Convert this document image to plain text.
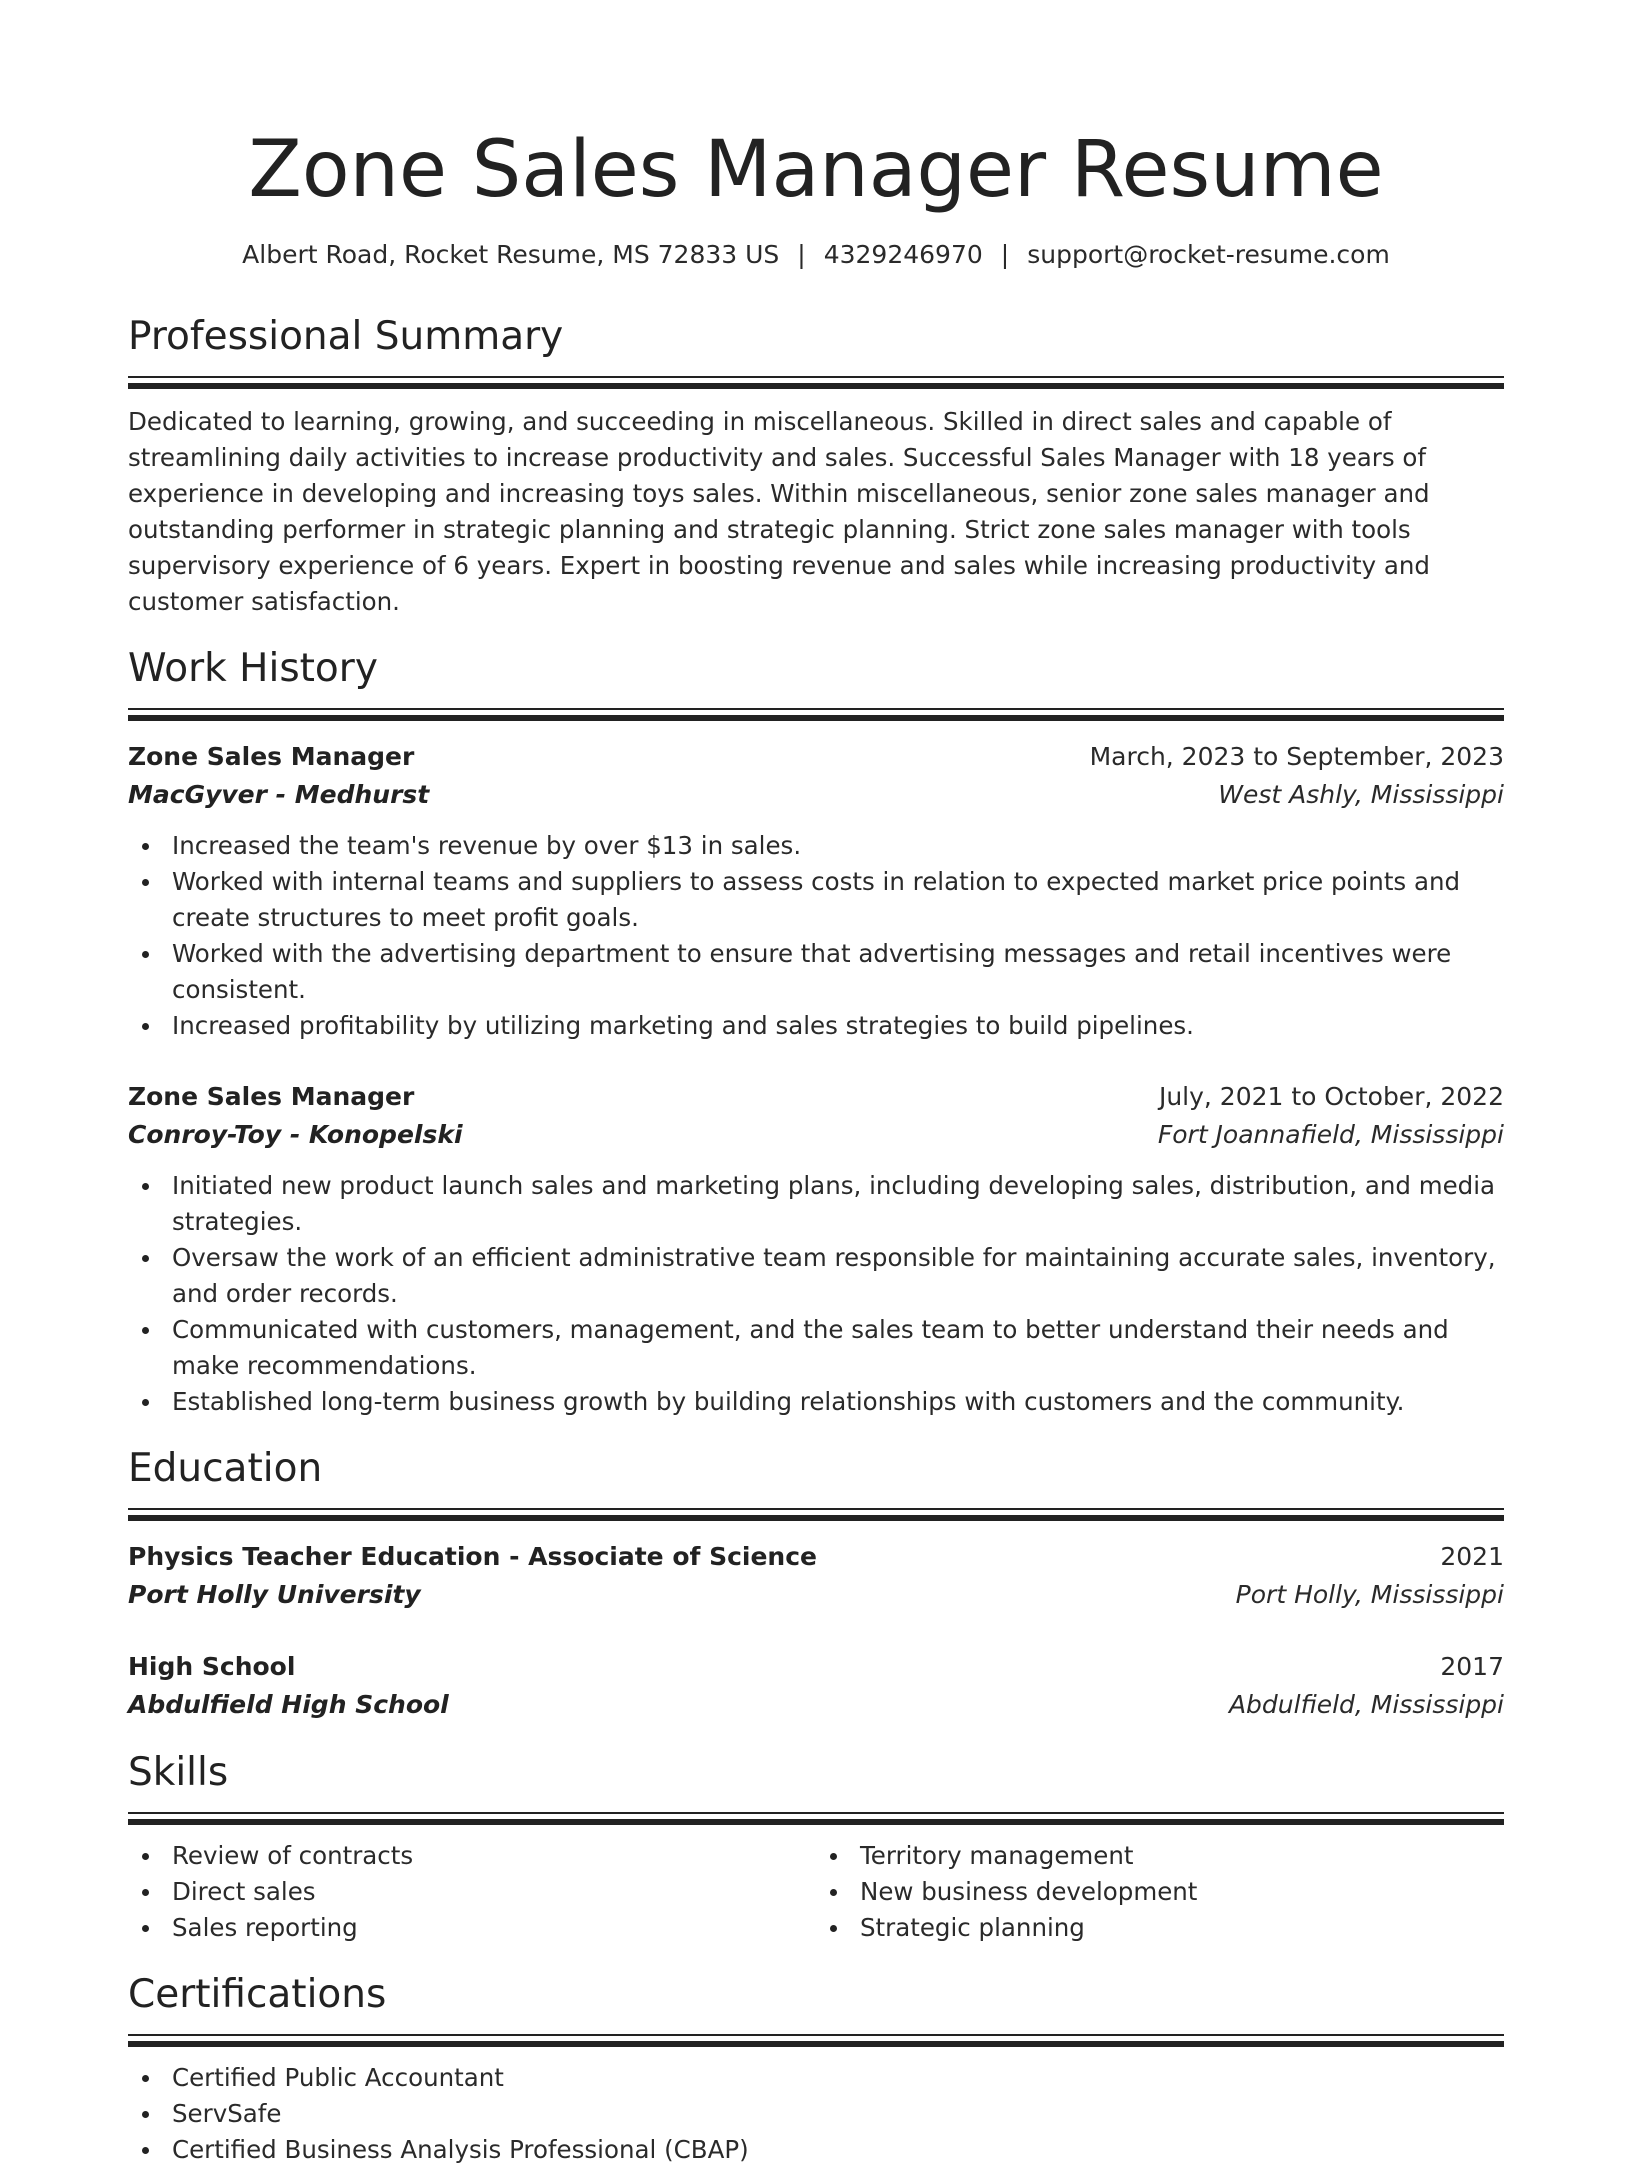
Zone Sales Manager Resume
Albert Road, Rocket Resume, MS 72833 US | 4329246970 | support@rocket-resume.com
Professional Summary
Dedicated to learning, growing, and succeeding in miscellaneous. Skilled in direct sales and capable of streamlining daily activities to increase productivity and sales. Successful Sales Manager with 18 years of experience in developing and increasing toys sales. Within miscellaneous, senior zone sales manager and outstanding performer in strategic planning and strategic planning. Strict zone sales manager with tools supervisory experience of 6 years. Expert in boosting revenue and sales while increasing productivity and customer satisfaction.
Work History
Zone Sales Manager	March, 2023 to September, 2023
MacGyver - Medhurst	West Ashly, Mississippi
Increased the team's revenue by over $13 in sales.
Worked with internal teams and suppliers to assess costs in relation to expected market price points and create structures to meet profit goals.
Worked with the advertising department to ensure that advertising messages and retail incentives were consistent.
Increased profitability by utilizing marketing and sales strategies to build pipelines.
Zone Sales Manager	July, 2021 to October, 2022
Conroy-Toy - Konopelski	Fort Joannafield, Mississippi
Initiated new product launch sales and marketing plans, including developing sales, distribution, and media strategies.
Oversaw the work of an efficient administrative team responsible for maintaining accurate sales, inventory, and order records.
Communicated with customers, management, and the sales team to better understand their needs and make recommendations.
Established long-term business growth by building relationships with customers and the community.
Education
Physics Teacher Education - Associate of Science	2021
Port Holly University	Port Holly, Mississippi
High School	2017
Abdulfield High School	Abdulfield, Mississippi
Skills
Review of contracts
Direct sales
Sales reporting
Territory management
New business development
Strategic planning
Certifications
Certified Public Accountant
ServSafe
Certified Business Analysis Professional (CBAP)
